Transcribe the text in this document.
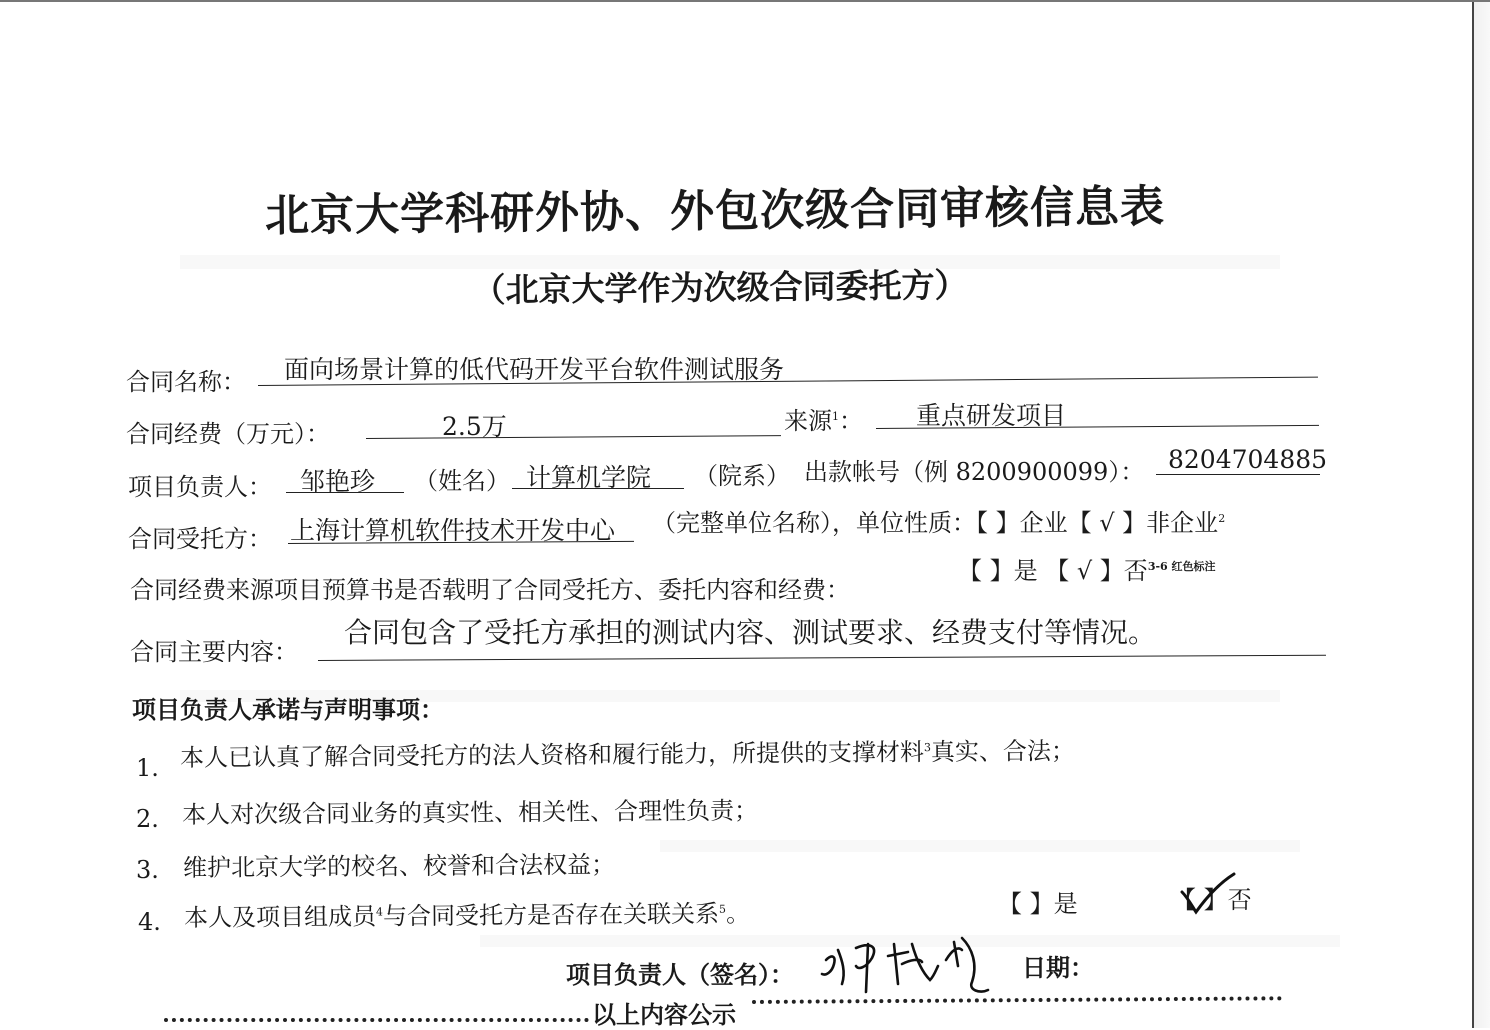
北京大学科研外协、外包次级合同审核信息表
（北京大学作为次级合同委托方）
合同名称： 面向场景计算的低代码开发平台软件测试服务
合同经费（万元）：	2.5万	来源$^1$： 重点研发项目
项目负责人： 邹艳珍 （姓名） 计算机学院 （院系） 出款帐号（例 8200900099）： 8204704885
合同受托方： 上海计算机软件技术开发中心 （完整单位名称），单位性质：【 】企业【 √ 】非企业$^2$
合同经费来源项目预算书是否载明了合同受托方、委托内容和经费：
【 】是 【 √ 】否$^{3-6 红色标注}$
合同主要内容：
合同包含了受托方承担的测试内容、测试要求、经费支付等情况。
项目负责人承诺与声明事项：
1. 本人已认真了解合同受托方的法人资格和履行能力，所提供的支撑材料$^3$真实、合法；
2. 本人对次级合同业务的真实性、相关性、合理性负责；
3. 维护北京大学的校名、校誉和合法权益；
4. 本人及项目组成员$^4$与合同受托方是否存在关联关系$^5$。	【 】是	【 】否
项目负责人（签名）：	日期：
以上内容公示
